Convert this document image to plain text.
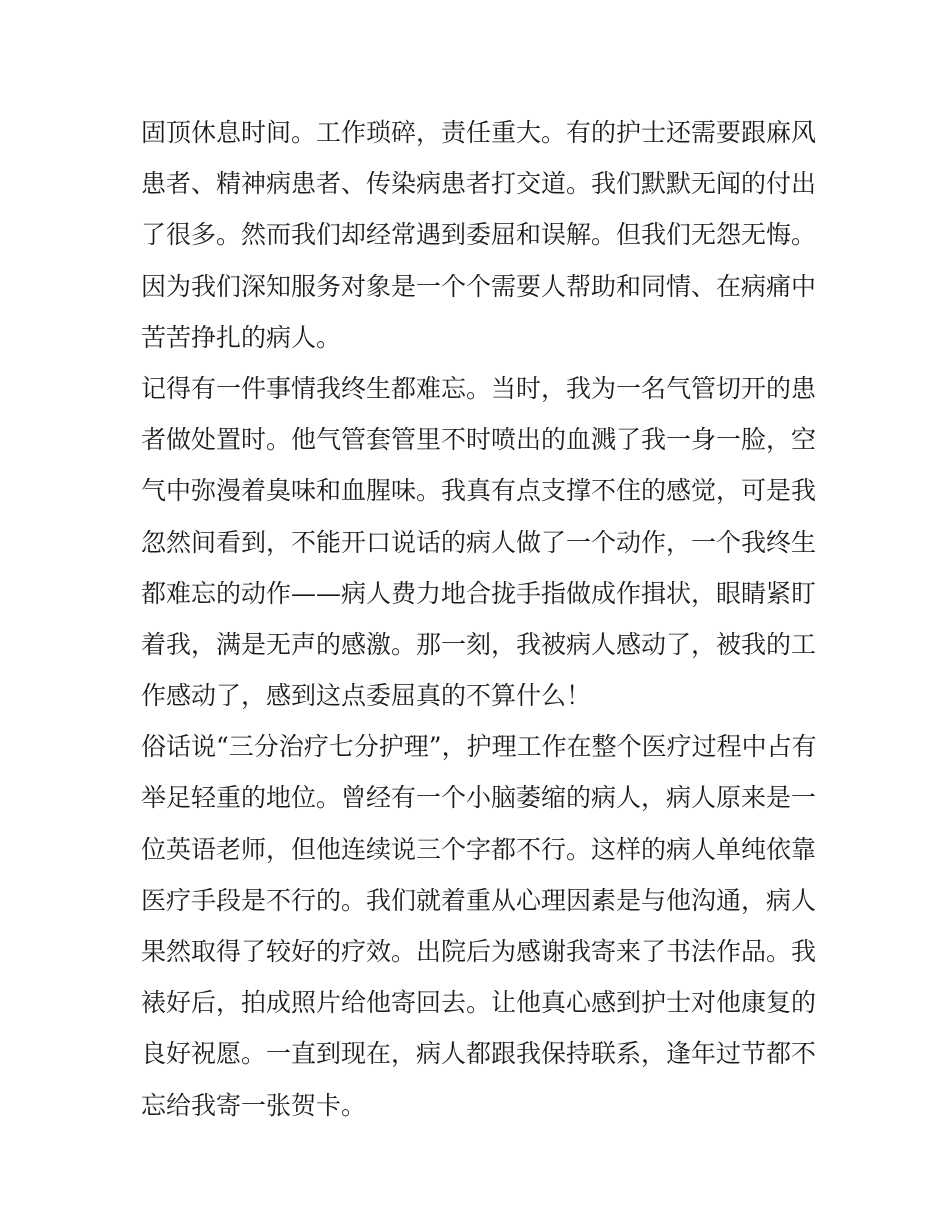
固顶休息时间。工作琐碎，责任重大。有的护士还需要跟麻风
患者、精神病患者、传染病患者打交道。我们默默无闻的付出
了很多。然而我们却经常遇到委屈和误解。但我们无怨无悔。
因为我们深知服务对象是一个个需要人帮助和同情、在病痛中
苦苦挣扎的病人。
记得有一件事情我终生都难忘。当时，我为一名气管切开的患
者做处置时。他气管套管里不时喷出的血溅了我一身一脸，空
气中弥漫着臭味和血腥味。我真有点支撑不住的感觉，可是我
忽然间看到，不能开口说话的病人做了一个动作，一个我终生
都难忘的动作——病人费力地合拢手指做成作揖状，眼睛紧盯
着我，满是无声的感激。那一刻，我被病人感动了，被我的工
作感动了，感到这点委屈真的不算什么！
俗话说“三分治疗七分护理”，护理工作在整个医疗过程中占有
举足轻重的地位。曾经有一个小脑萎缩的病人，病人原来是一
位英语老师，但他连续说三个字都不行。这样的病人单纯依靠
医疗手段是不行的。我们就着重从心理因素是与他沟通，病人
果然取得了较好的疗效。出院后为感谢我寄来了书法作品。我
裱好后，拍成照片给他寄回去。让他真心感到护士对他康复的
良好祝愿。一直到现在，病人都跟我保持联系，逢年过节都不
忘给我寄一张贺卡。
